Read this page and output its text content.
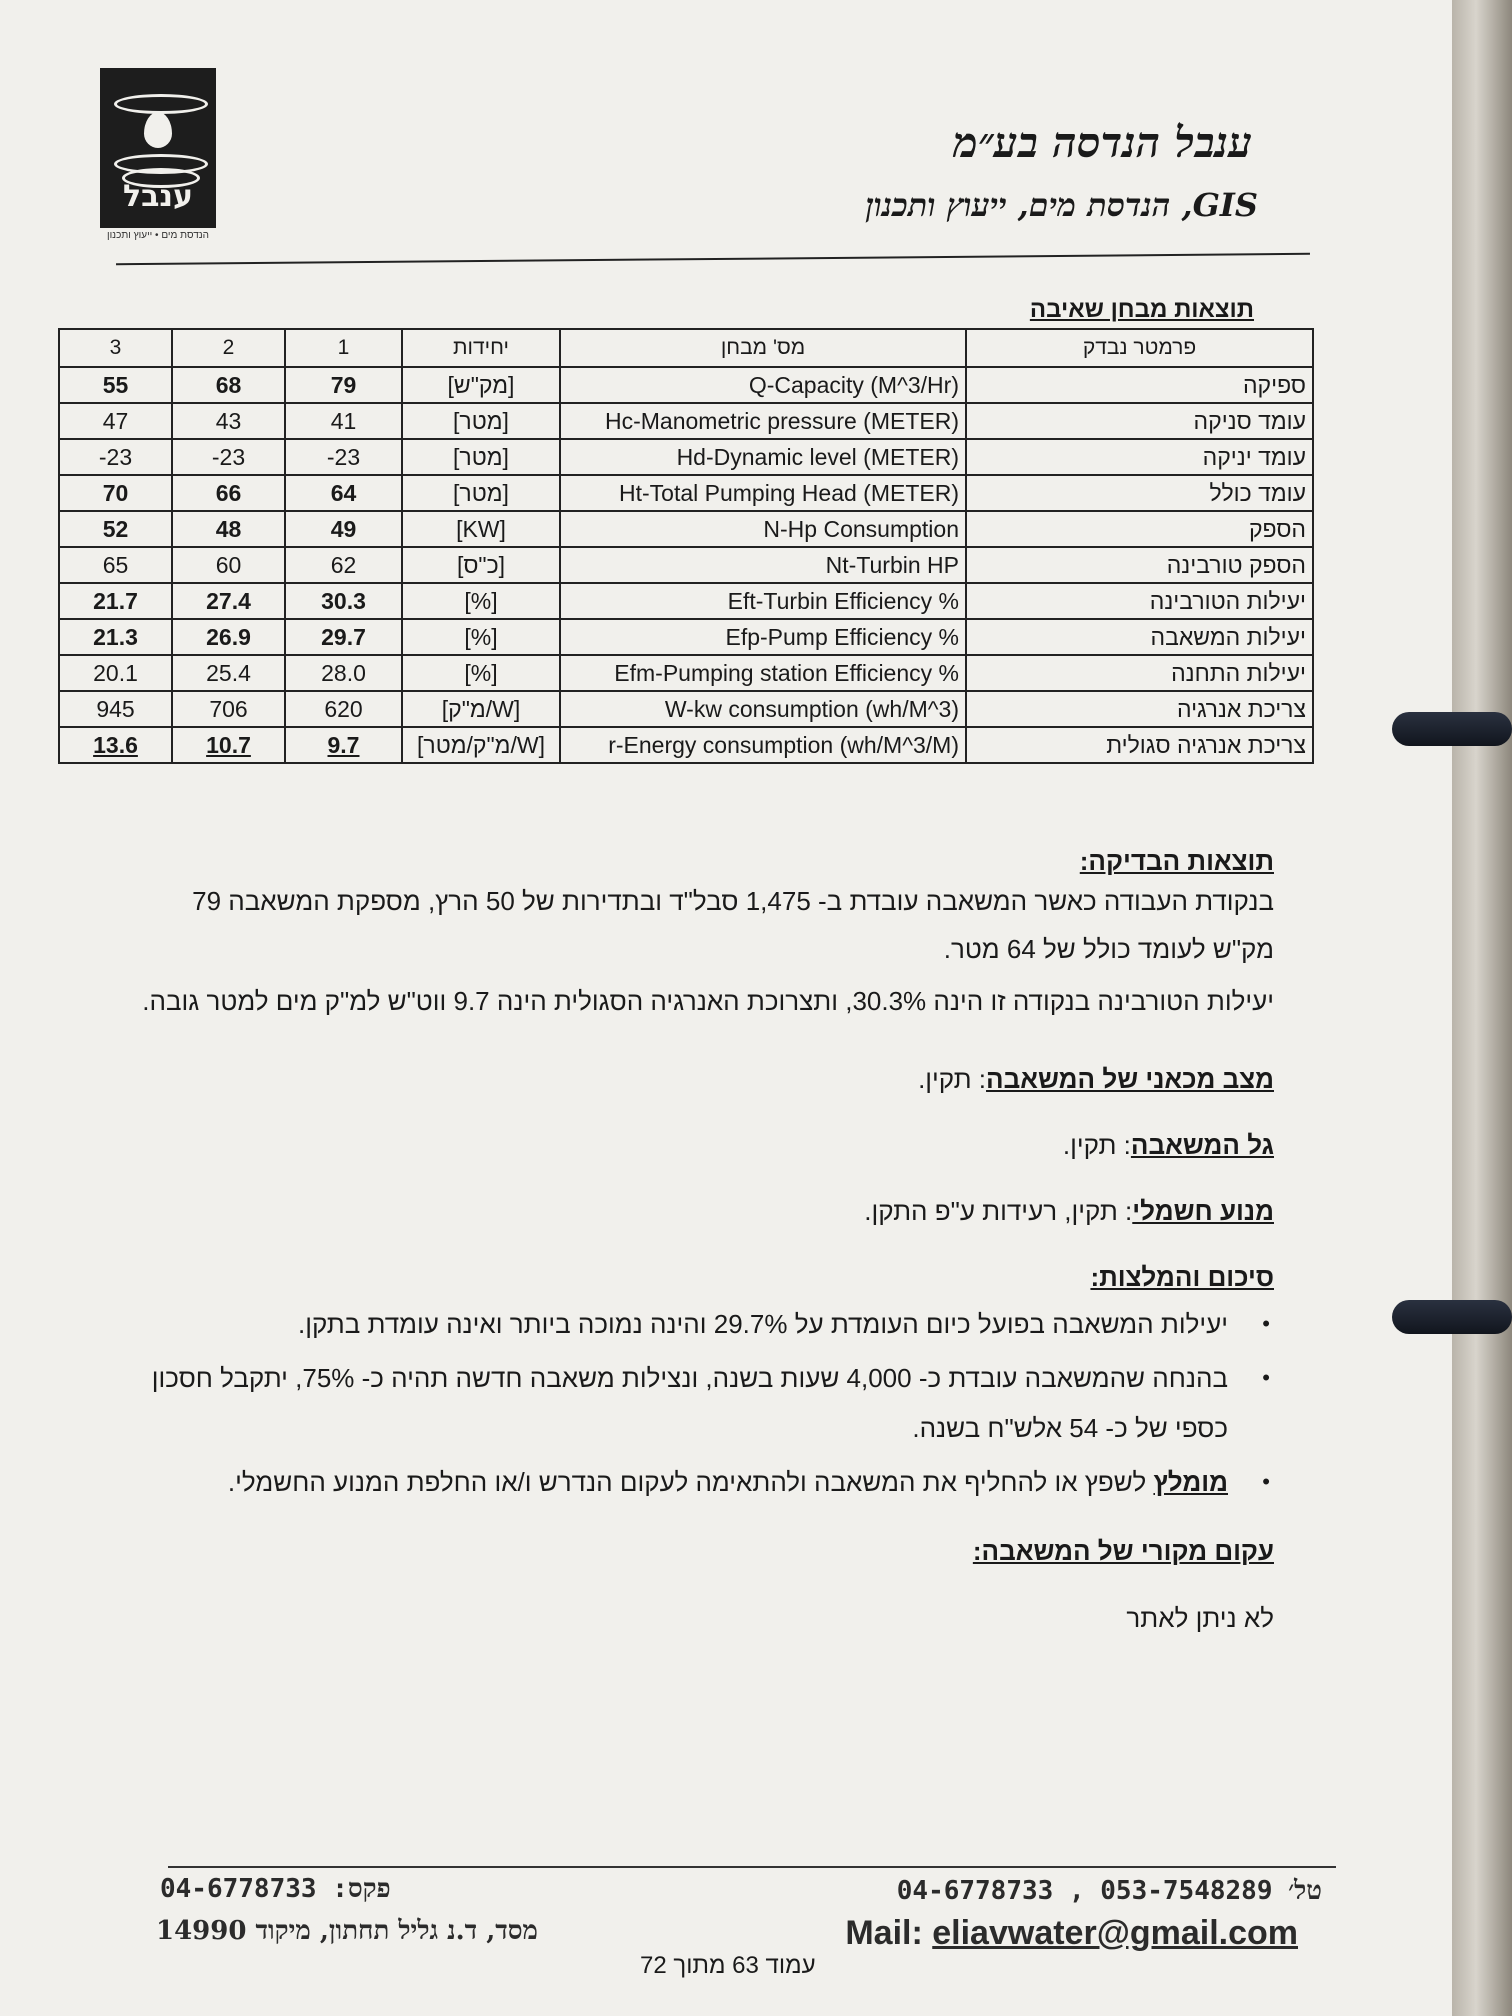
ענבל
הנדסת מים • ייעוץ ותכנון
ענבל הנדסה בע״מ
GIS, הנדסת מים, ייעוץ ותכנון
תוצאות מבחן שאיבה
3	2	1	יחידות	מס' מבחן	פרמטר נבדק
55	68	79	[מק"ש]	Q-Capacity (M^3/Hr)	ספיקה
47	43	41	[מטר]	Hc-Manometric pressure (METER)	עומד סניקה
-23	-23	-23	[מטר]	Hd-Dynamic level (METER)	עומד יניקה
70	66	64	[מטר]	Ht-Total Pumping Head (METER)	עומד כולל
52	48	49	[KW]	N-Hp Consumption	הספק
65	60	62	[כ"ס]	Nt-Turbin HP	הספק טורבינה
21.7	27.4	30.3	[%]	Eft-Turbin Efficiency %	יעילות הטורבינה
21.3	26.9	29.7	[%]	Efp-Pump Efficiency %	יעילות המשאבה
20.1	25.4	28.0	[%]	Efm-Pumping station Efficiency %	יעילות התחנה
945	706	620	[W/מ"ק]	W-kw consumption (wh/M^3)	צריכת אנרגיה
13.6	10.7	9.7	[W/מ"ק/מטר]	r-Energy consumption (wh/M^3/M)	צריכת אנרגיה סגולית
תוצאות הבדיקה:
בנקודת העבודה כאשר המשאבה עובדת ב- 1,475 סבל"ד ובתדירות של 50 הרץ, מספקת המשאבה 79
מק"ש לעומד כולל של 64 מטר.
יעילות הטורבינה בנקודה זו הינה 30.3%, ותצרוכת האנרגיה הסגולית הינה 9.7 ווט"ש למ"ק מים למטר גובה.
מצב מכאני של המשאבה: תקין.
גל המשאבה: תקין.
מנוע חשמלי: תקין, רעידות ע"פ התקן.
סיכום והמלצות:
•
יעילות המשאבה בפועל כיום העומדת על 29.7% והינה נמוכה ביותר ואינה עומדת בתקן.
•
בהנחה שהמשאבה עובדת כ- 4,000 שעות בשנה, ונצילות משאבה חדשה תהיה כ- 75%, יתקבל חסכון כספי של כ- 54 אלש"ח בשנה.
•
מומלץ לשפץ או להחליף את המשאבה ולהתאימה לעקום הנדרש ו/או החלפת המנוע החשמלי.
עקום מקורי של המשאבה:
לא ניתן לאתר
טל׳ 053-7548289 , 04-6778733
פקס: 04-6778733
מסד, ד.נ גליל תחתון, מיקוד 14990	Mail: eliavwater@gmail.com
עמוד 63 מתוך 72
